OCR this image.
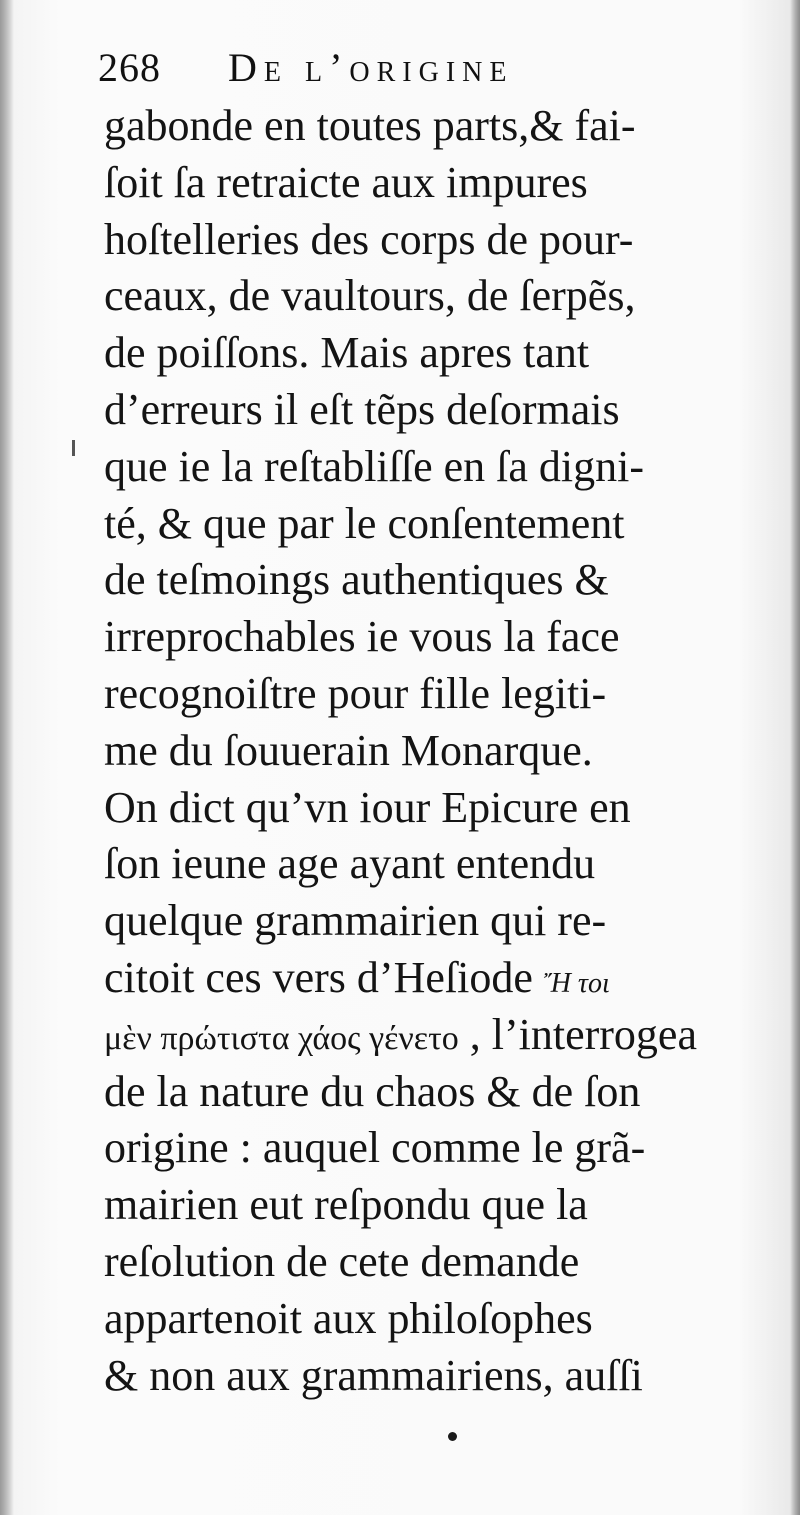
268	De l’origine
gabonde en toutes parts,& fai-
ſoit ſa retraicte aux impures
hoſtelleries des corps de pour-
ceaux, de vaultours, de ſerpẽs,
de poiſſons. Mais apres tant
d’erreurs il eſt tẽps deſormais
que ie la reſtabliſſe en ſa digni-
té, & que par le conſentement
de teſmoings authentiques &
irreprochables ie vous la face
recognoiſtre pour fille legiti-
me du ſouuerain Monarque.
On dict qu’vn iour Epicure en
ſon ieune age ayant entendu
quelque grammairien qui re-
citoit ces vers d’Heſiode Ἤ τοι
μὲν πρώτιστα χάος γένετο , l’interrogea
de la nature du chaos & de ſon
origine : auquel comme le grã-
mairien eut reſpondu que la
reſolution de cete demande
appartenoit aux philoſophes
& non aux grammairiens, auſſi
